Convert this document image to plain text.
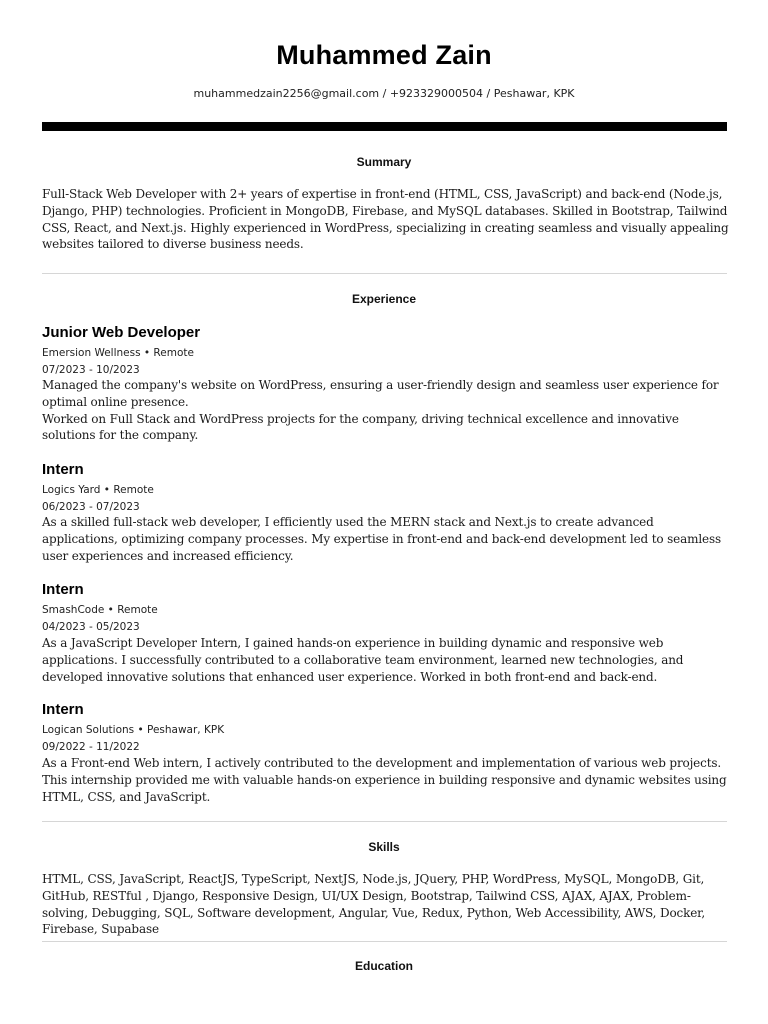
Muhammed Zain
muhammedzain2256@gmail.com / +923329000504 / Peshawar, KPK
Summary
Full-Stack Web Developer with 2+ years of expertise in front-end (HTML, CSS, JavaScript) and back-end (Node.js, Django, PHP) technologies. Proficient in MongoDB, Firebase, and MySQL databases. Skilled in Bootstrap, Tailwind CSS, React, and Next.js. Highly experienced in WordPress, specializing in creating seamless and visually appealing websites tailored to diverse business needs.
Experience
Junior Web Developer
Emersion Wellness • Remote
07/2023 - 10/2023

Managed the company's website on WordPress, ensuring a user-friendly design and seamless user experience for optimal online presence.

Worked on Full Stack and WordPress projects for the company, driving technical excellence and innovative solutions for the company.

Intern
Logics Yard • Remote
06/2023 - 07/2023

As a skilled full-stack web developer, I efficiently used the MERN stack and Next.js to create advanced applications, optimizing company processes. My expertise in front-end and back-end development led to seamless user experiences and increased efficiency.

Intern
SmashCode • Remote
04/2023 - 05/2023

As a JavaScript Developer Intern, I gained hands-on experience in building dynamic and responsive web applications. I successfully contributed to a collaborative team environment, learned new technologies, and developed innovative solutions that enhanced user experience. Worked in both front-end and back-end.

Intern
Logican Solutions • Peshawar, KPK
09/2022 - 11/2022

As a Front-end Web intern, I actively contributed to the development and implementation of various web projects. This internship provided me with valuable hands-on experience in building responsive and dynamic websites using HTML, CSS, and JavaScript.

Skills
HTML, CSS, JavaScript, ReactJS, TypeScript, NextJS, Node.js, JQuery, PHP, WordPress, MySQL, MongoDB, Git, GitHub, RESTful , Django, Responsive Design, UI/UX Design, Bootstrap, Tailwind CSS, AJAX, AJAX, Problem-solving, Debugging, SQL, Software development, Angular, Vue, Redux, Python, Web Accessibility, AWS, Docker, Firebase, Supabase
Education
